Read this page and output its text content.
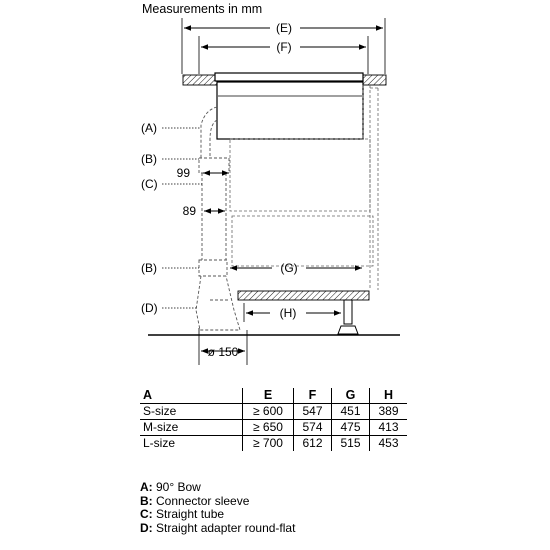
Measurements in mm
(E)
(F)
(G)
(H)
99
89
ø 150
(A)
(B)
(C)
(B)
(D)
A	E	F	G	H
S-size	≥ 600	547	451	389
M-size	≥ 650	574	475	413
L-size	≥ 700	612	515	453
A: 90° Bow
B: Connector sleeve
C: Straight tube
D: Straight adapter round-flat
